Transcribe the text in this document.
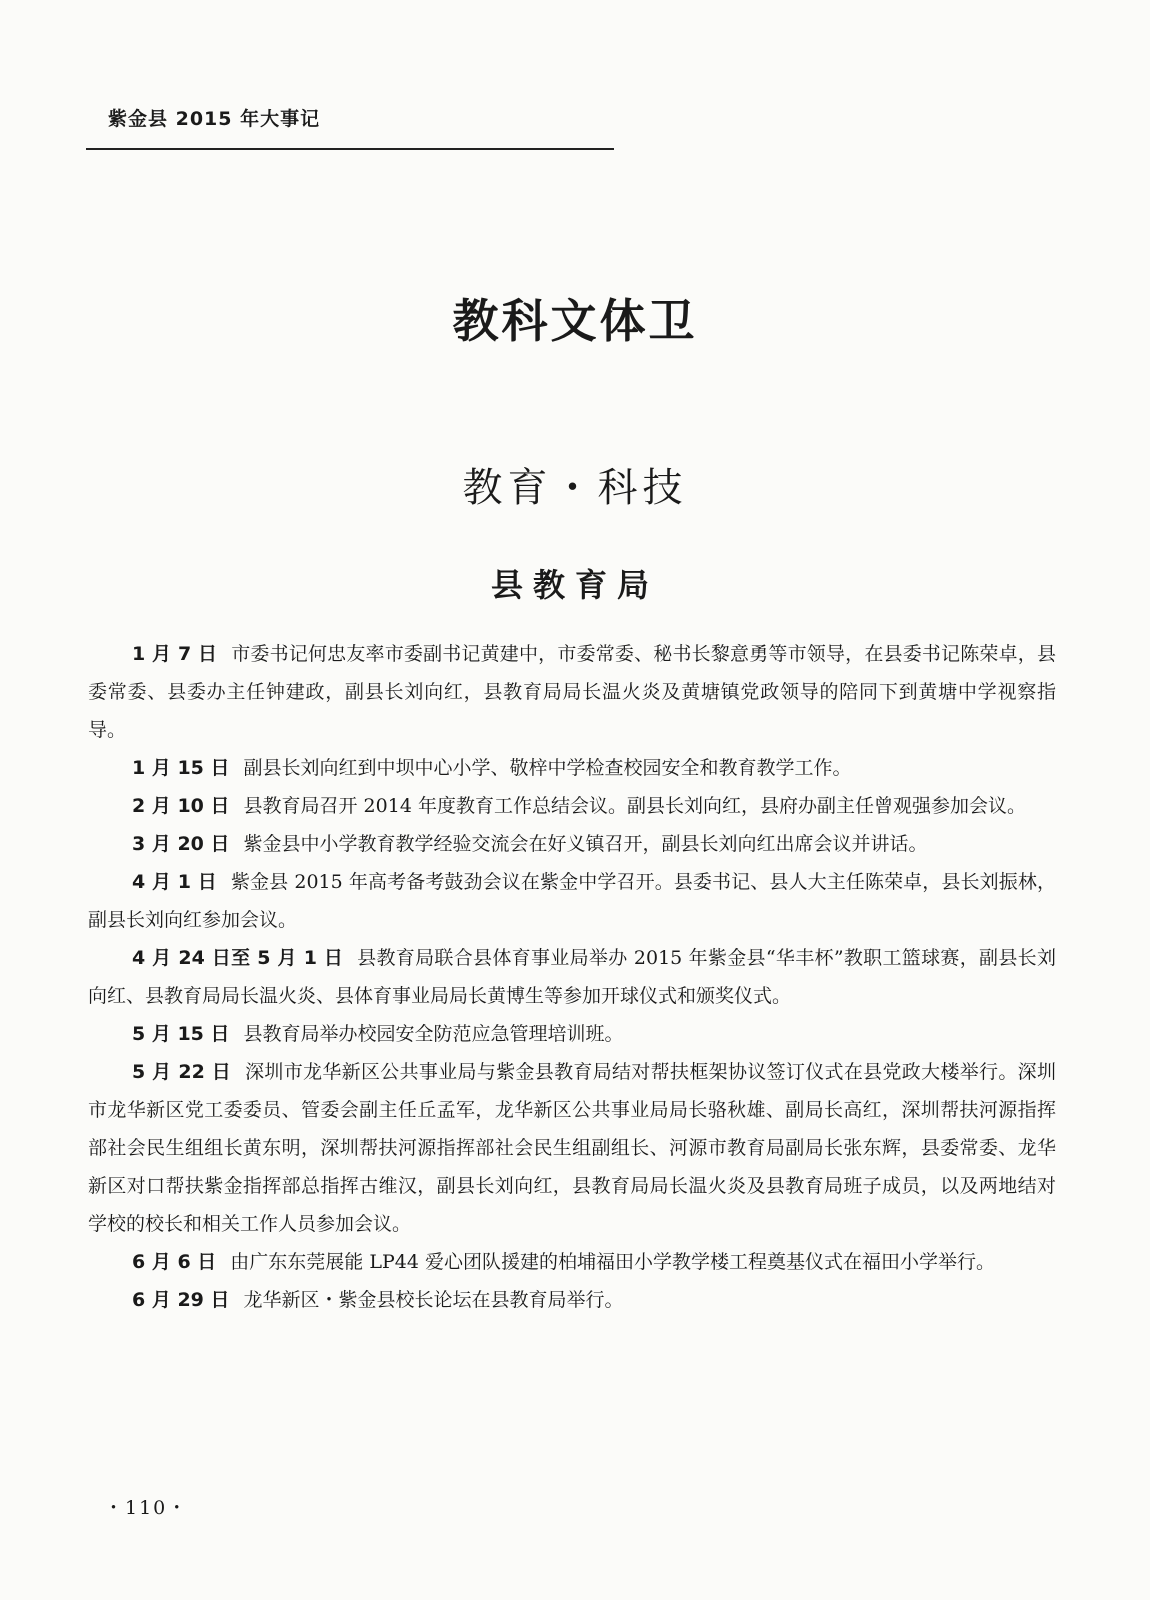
紫金县 2015 年大事记
教科文体卫
教育・科技
县教育局

1 月 7 日 市委书记何忠友率市委副书记黄建中，市委常委、秘书长黎意勇等市领导，在县委书记陈荣卓，县委常委、县委办主任钟建政，副县长刘向红，县教育局局长温火炎及黄塘镇党政领导的陪同下到黄塘中学视察指导。

1 月 15 日 副县长刘向红到中坝中心小学、敬梓中学检查校园安全和教育教学工作。

2 月 10 日 县教育局召开 2014 年度教育工作总结会议。副县长刘向红，县府办副主任曾观强参加会议。

3 月 20 日 紫金县中小学教育教学经验交流会在好义镇召开，副县长刘向红出席会议并讲话。

4 月 1 日 紫金县 2015 年高考备考鼓劲会议在紫金中学召开。县委书记、县人大主任陈荣卓，县长刘振林，副县长刘向红参加会议。

4 月 24 日至 5 月 1 日 县教育局联合县体育事业局举办 2015 年紫金县“华丰杯”教职工篮球赛，副县长刘向红、县教育局局长温火炎、县体育事业局局长黄博生等参加开球仪式和颁奖仪式。

5 月 15 日 县教育局举办校园安全防范应急管理培训班。

5 月 22 日 深圳市龙华新区公共事业局与紫金县教育局结对帮扶框架协议签订仪式在县党政大楼举行。深圳市龙华新区党工委委员、管委会副主任丘孟军，龙华新区公共事业局局长骆秋雄、副局长高红，深圳帮扶河源指挥部社会民生组组长黄东明，深圳帮扶河源指挥部社会民生组副组长、河源市教育局副局长张东辉，县委常委、龙华新区对口帮扶紫金指挥部总指挥古维汉，副县长刘向红，县教育局局长温火炎及县教育局班子成员，以及两地结对学校的校长和相关工作人员参加会议。

6 月 6 日 由广东东莞展能 LP44 爱心团队援建的柏埔福田小学教学楼工程奠基仪式在福田小学举行。

6 月 29 日 龙华新区・紫金县校长论坛在县教育局举行。

・110・
